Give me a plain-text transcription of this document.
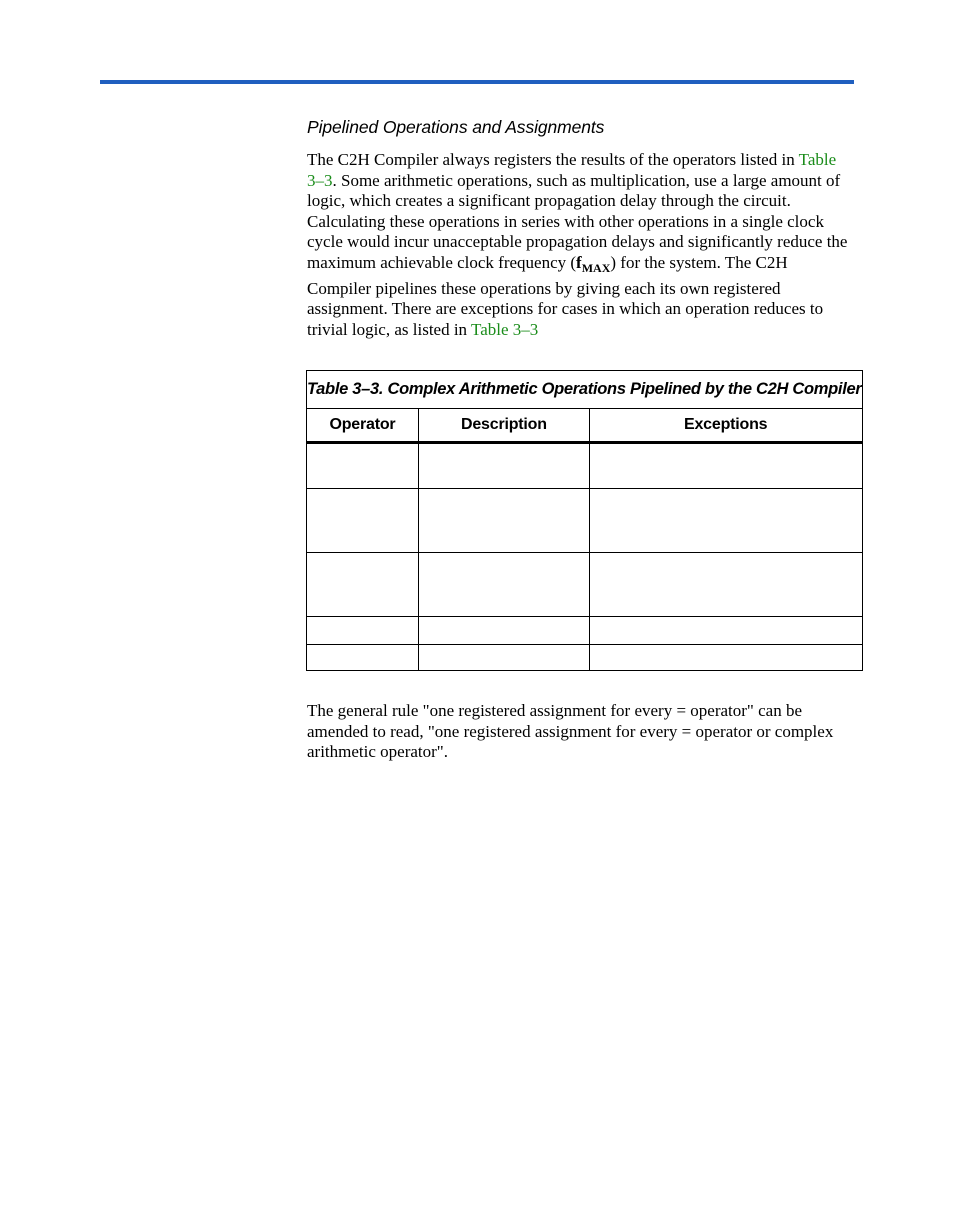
Pipelined Operations and Assignments

The C2H Compiler always registers the results of the operators listed in Table 3–3. Some arithmetic operations, such as multiplication, use a large amount of logic, which creates a significant propagation delay through the circuit. Calculating these operations in series with other operations in a single clock cycle would incur unacceptable propagation delays and significantly reduce the maximum achievable clock frequency $(f_{MAX})$ for the system. The C2H Compiler pipelines these operations by giving each its own registered assignment. There are exceptions for cases in which an operation reduces to trivial logic, as listed in Table 3–3

Table 3–3. Complex Arithmetic Operations Pipelined by the C2H Compiler		
Operator	Description	Exceptions

The general rule "one registered assignment for every = operator" can be amended to read, "one registered assignment for every = operator or complex arithmetic operator".
